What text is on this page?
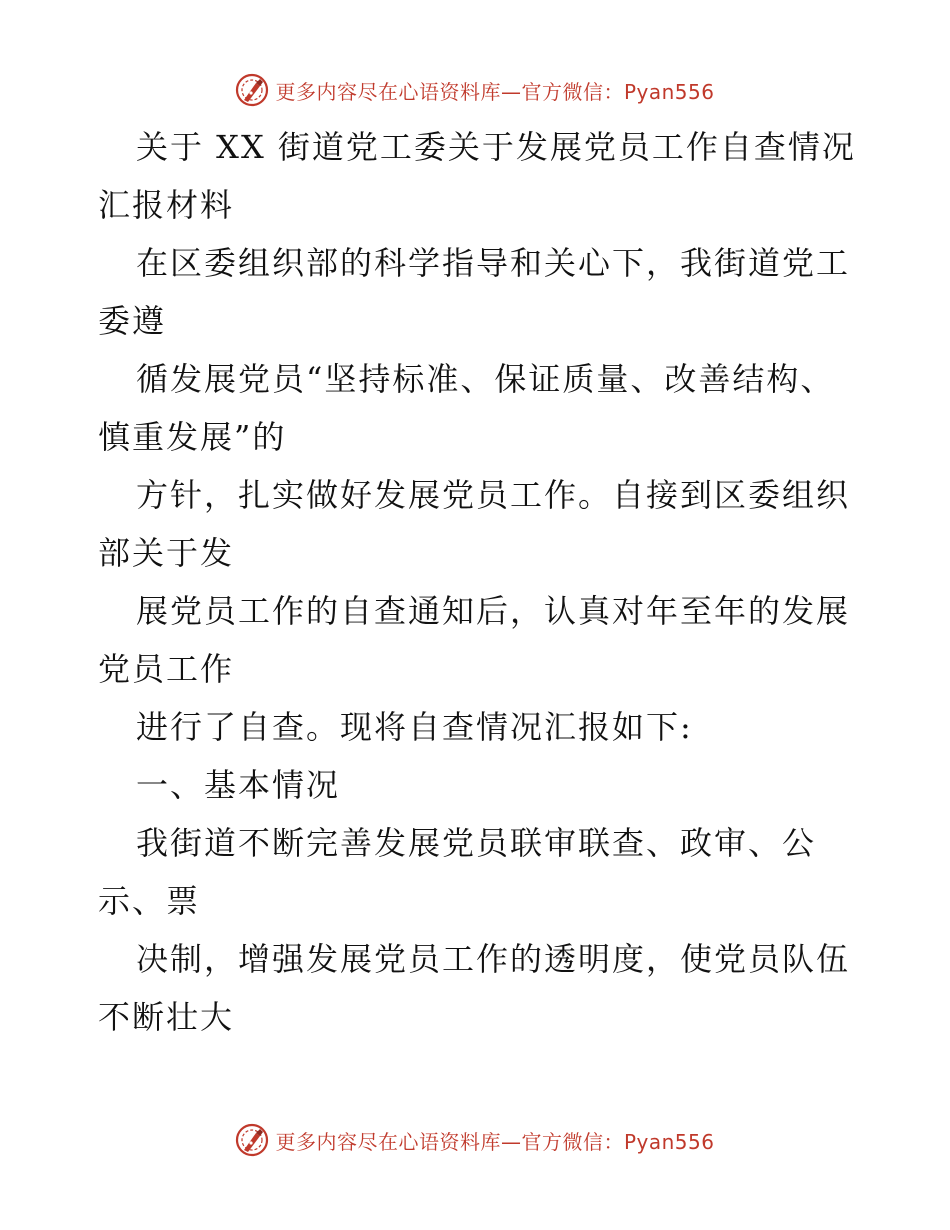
更多内容尽在心语资料库—官方微信：Pyan556
关于 XX 街道党工委关于发展党员工作自查情况
汇报材料
在区委组织部的科学指导和关心下，我街道党工
委遵
循发展党员“坚持标准、保证质量、改善结构、
慎重发展”的
方针，扎实做好发展党员工作。自接到区委组织
部关于发
展党员工作的自查通知后，认真对年至年的发展
党员工作
进行了自查。现将自查情况汇报如下:
一、基本情况
我街道不断完善发展党员联审联查、政审、公
示、票
决制，增强发展党员工作的透明度，使党员队伍
不断壮大
更多内容尽在心语资料库—官方微信：Pyan556
